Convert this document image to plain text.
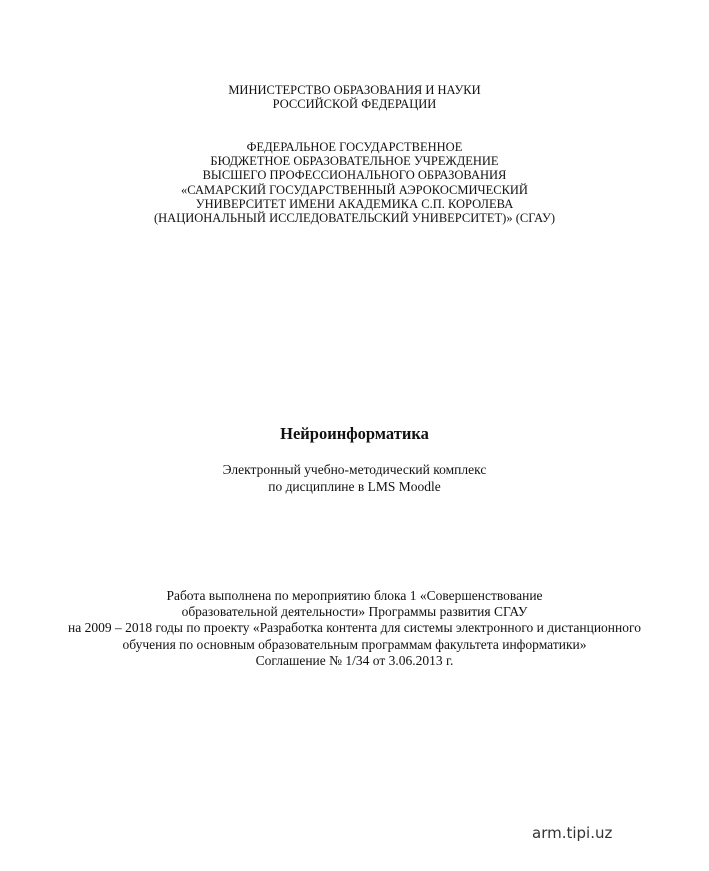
МИНИСТЕРСТВО ОБРАЗОВАНИЯ И НАУКИ
РОССИЙСКОЙ ФЕДЕРАЦИИ
ФЕДЕРАЛЬНОЕ ГОСУДАРСТВЕННОЕ
БЮДЖЕТНОЕ ОБРАЗОВАТЕЛЬНОЕ УЧРЕЖДЕНИЕ
ВЫСШЕГО ПРОФЕССИОНАЛЬНОГО ОБРАЗОВАНИЯ
«САМАРСКИЙ ГОСУДАРСТВЕННЫЙ АЭРОКОСМИЧЕСКИЙ
УНИВЕРСИТЕТ ИМЕНИ АКАДЕМИКА С.П. КОРОЛЕВА
(НАЦИОНАЛЬНЫЙ ИССЛЕДОВАТЕЛЬСКИЙ УНИВЕРСИТЕТ)» (СГАУ)
Нейроинформатика
Электронный учебно-методический комплекс
по дисциплине в LMS Moodle
Работа выполнена по мероприятию блока 1 «Совершенствование
образовательной деятельности» Программы развития СГАУ
на 2009 – 2018 годы по проекту «Разработка контента для системы электронного и дистанционного
обучения по основным образовательным программам факультета информатики»
Соглашение № 1/34 от 3.06.2013 г.
arm.tipi.uz
